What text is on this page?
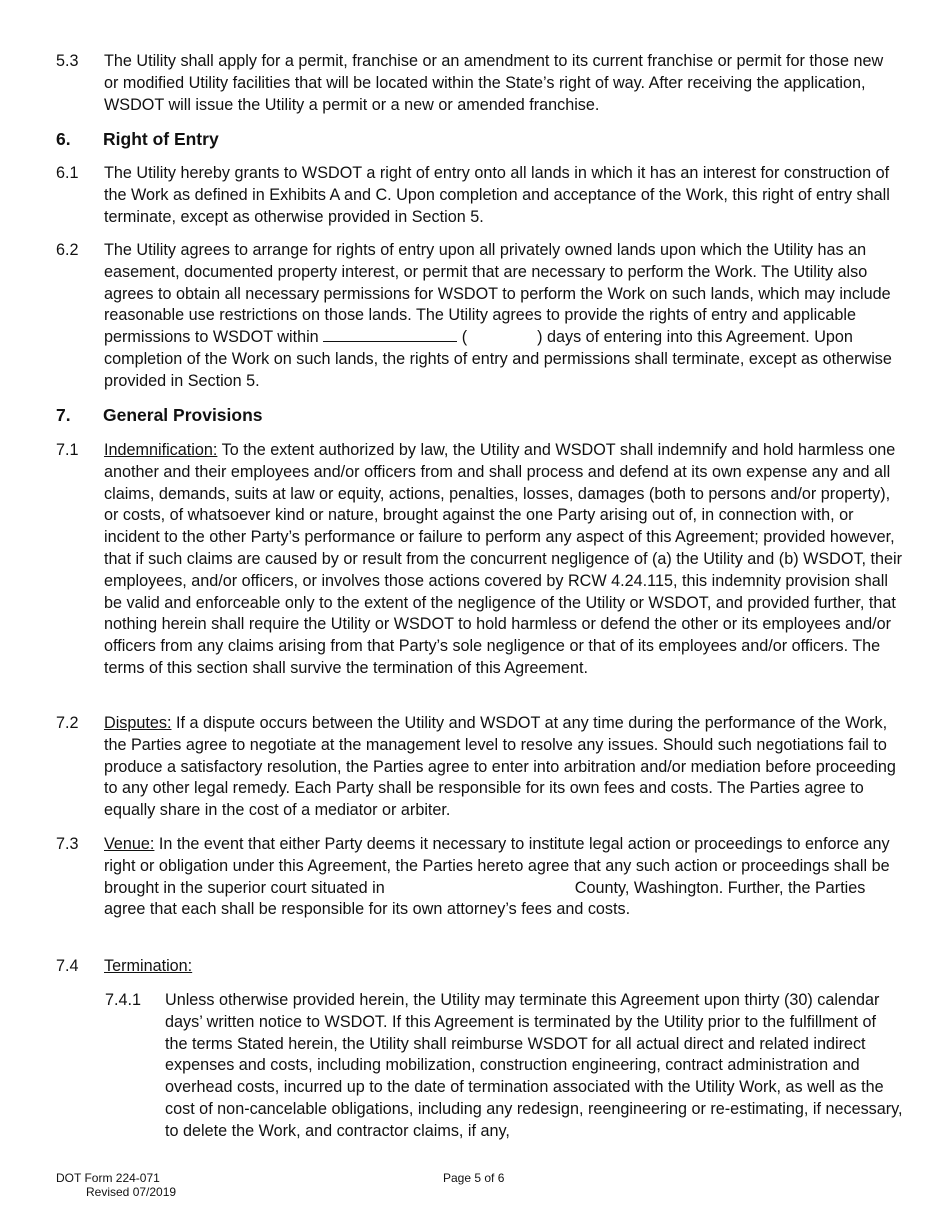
5.3 The Utility shall apply for a permit, franchise or an amendment to its current franchise or permit for those new or modified Utility facilities that will be located within the State’s right of way. After receiving the application, WSDOT will issue the Utility a permit or a new or amended franchise.
6. Right of Entry
6.1 The Utility hereby grants to WSDOT a right of entry onto all lands in which it has an interest for construction of the Work as defined in Exhibits A and C. Upon completion and acceptance of the Work, this right of entry shall terminate, except as otherwise provided in Section 5.
6.2 The Utility agrees to arrange for rights of entry upon all privately owned lands upon which the Utility has an easement, documented property interest, or permit that are necessary to perform the Work. The Utility also agrees to obtain all necessary permissions for WSDOT to perform the Work on such lands, which may include reasonable use restrictions on those lands. The Utility agrees to provide the rights of entry and applicable permissions to WSDOT within	(	) days of entering into this Agreement. Upon completion of the Work on such lands, the rights of entry and permissions shall terminate, except as otherwise provided in Section 5.
7. General Provisions
7.1 Indemnification: To the extent authorized by law, the Utility and WSDOT shall indemnify and hold harmless one another and their employees and/or officers from and shall process and defend at its own expense any and all claims, demands, suits at law or equity, actions, penalties, losses, damages (both to persons and/or property), or costs, of whatsoever kind or nature, brought against the one Party arising out of, in connection with, or incident to the other Party’s performance or failure to perform any aspect of this Agreement; provided however, that if such claims are caused by or result from the concurrent negligence of (a) the Utility and (b) WSDOT, their employees, and/or officers, or involves those actions covered by RCW 4.24.115, this indemnity provision shall be valid and enforceable only to the extent of the negligence of the Utility or WSDOT, and provided further, that nothing herein shall require the Utility or WSDOT to hold harmless or defend the other or its employees and/or officers from any claims arising from that Party’s sole negligence or that of its employees and/or officers. The terms of this section shall survive the termination of this Agreement.
7.2 Disputes: If a dispute occurs between the Utility and WSDOT at any time during the performance of the Work, the Parties agree to negotiate at the management level to resolve any issues. Should such negotiations fail to produce a satisfactory resolution, the Parties agree to enter into arbitration and/or mediation before proceeding to any other legal remedy. Each Party shall be responsible for its own fees and costs. The Parties agree to equally share in the cost of a mediator or arbiter.
7.3 Venue: In the event that either Party deems it necessary to institute legal action or proceedings to enforce any right or obligation under this Agreement, the Parties hereto agree that any such action or proceedings shall be brought in the superior court situated in	County, Washington. Further, the Parties agree that each shall be responsible for its own attorney’s fees and costs.
7.4 Termination:
7.4.1 Unless otherwise provided herein, the Utility may terminate this Agreement upon thirty (30) calendar days’ written notice to WSDOT. If this Agreement is terminated by the Utility prior to the fulfillment of the terms Stated herein, the Utility shall reimburse WSDOT for all actual direct and related indirect expenses and costs, including mobilization, construction engineering, contract administration and overhead costs, incurred up to the date of termination associated with the Utility Work, as well as the cost of non-cancelable obligations, including any redesign, reengineering or re-estimating, if necessary, to delete the Work, and contractor claims, if any,
DOT Form 224-071
Revised 07/2019
Page 5 of 6
